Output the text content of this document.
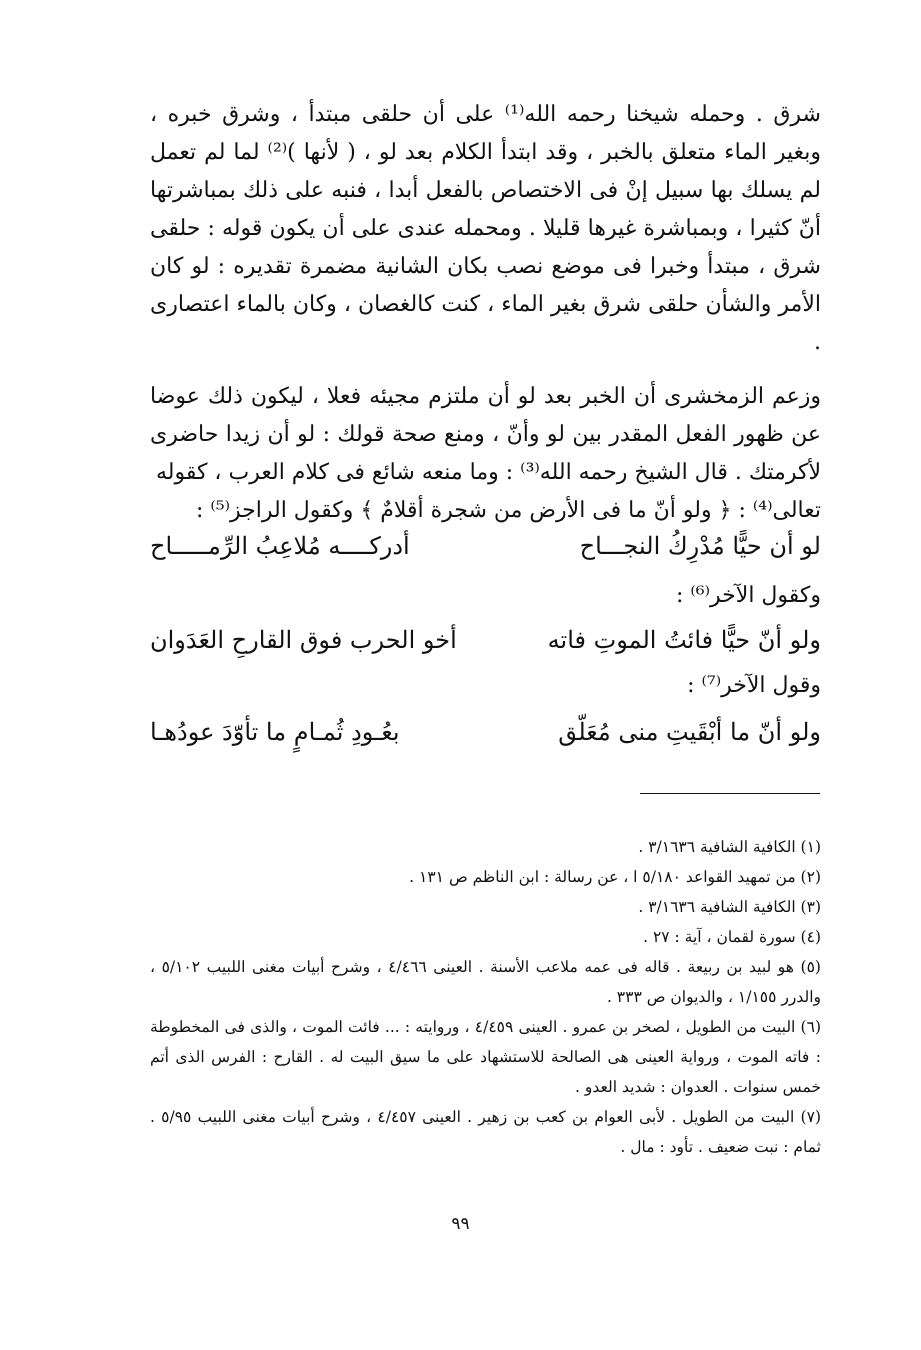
شرق . وحمله شيخنا رحمه الله⁽¹⁾ على أن حلقى مبتدأ ، وشرق خبره ، وبغير الماء متعلق بالخبر ، وقد ابتدأ الكلام بعد لو ، ( لأنها )⁽²⁾ لما لم تعمل لم يسلك بها سبيل إنْ فى الاختصاص بالفعل أبدا ، فنبه على ذلك بمباشرتها أنّ كثيرا ، وبمباشرة غيرها قليلا . ومحمله عندى على أن يكون قوله : حلقى شرق ، مبتدأ وخبرا فى موضع نصب بكان الشانية مضمرة تقديره : لو كان الأمر والشأن حلقى شرق بغير الماء ، كنت كالغصان ، وكان بالماء اعتصارى .

وزعم الزمخشرى أن الخبر بعد لو أن ملتزم مجيئه فعلا ، ليكون ذلك عوضا عن ظهور الفعل المقدر بين لو وأنّ ، ومنع صحة قولك : لو أن زيدا حاضرى لأكرمتك . قال الشيخ رحمه الله⁽³⁾ : وما منعه شائع فى كلام العرب ، كقوله

تعالى⁽⁴⁾ : ﴿ ولو أنّ ما فى الأرض من شجرة أقلامٌ ﴾ وكقول الراجز⁽⁵⁾ :

لو أن حيًّا مُدْرِكُ النجـــاح
أدركــــه مُلاعِبُ الرِّمـــــاح
وكقول الآخر⁽⁶⁾ :
ولو أنّ حيًّا فائتُ الموتِ فاته
أخو الحرب فوق القارحِ العَدَوان
وقول الآخر⁽⁷⁾ :
ولو أنّ ما أبْقَيتِ منى مُعَلّق
بعُـودِ ثُمـامٍ ما تأوّدَ عودُهـا

(١) الكافية الشافية ٣/١٦٣٦ .

(٢) من تمهيد القواعد ٥/١٨٠ ا ، عن رسالة : ابن الناظم ص ١٣١ .

(٣) الكافية الشافية ٣/١٦٣٦ .

(٤) سورة لقمان ، آية : ٢٧ .

(٥) هو لبيد بن ربيعة . قاله فى عمه ملاعب الأسنة . العينى ٤/٤٦٦ ، وشرح أبيات مغنى اللبيب ٥/١٠٢ ، والدرر ١/١٥٥ ، والديوان ص ٣٣٣ .

(٦) البيت من الطويل ، لصخر بن عمرو . العينى ٤/٤٥٩ ، وروايته : ... فائت الموت ، والذى فى المخطوطة : فاته الموت ، ورواية العينى هى الصالحة للاستشهاد على ما سيق البيت له . القارح : الفرس الذى أتم خمس سنوات . العدوان : شديد العدو .

(٧) البيت من الطويل . لأبى العوام بن كعب بن زهير . العينى ٤/٤٥٧ ، وشرح أبيات مغنى اللبيب ٥/٩٥ . ثمام : نبت ضعيف . تأود : مال .

٩٩
